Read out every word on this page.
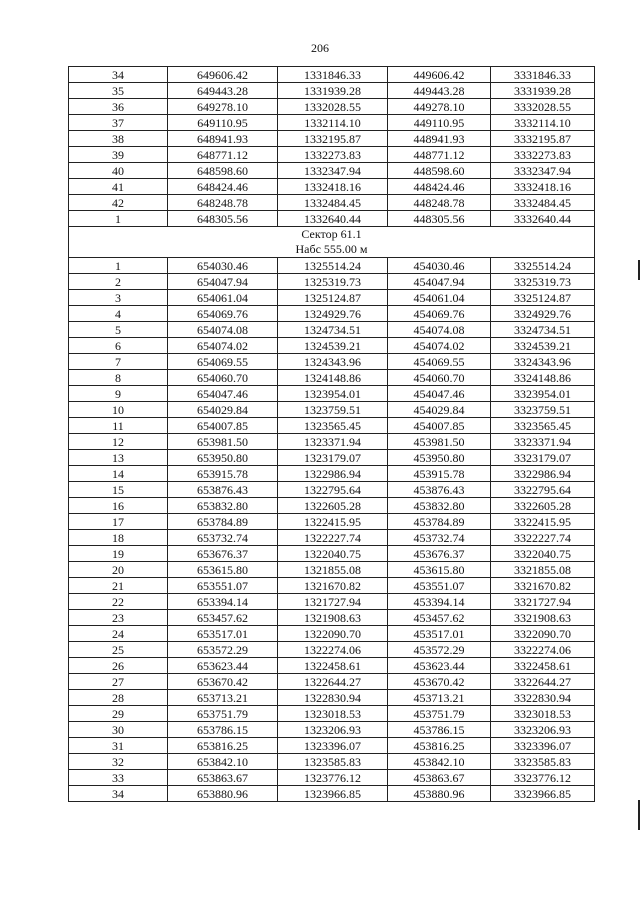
206
34	649606.42	1331846.33	449606.42	3331846.33
35	649443.28	1331939.28	449443.28	3331939.28
36	649278.10	1332028.55	449278.10	3332028.55
37	649110.95	1332114.10	449110.95	3332114.10
38	648941.93	1332195.87	448941.93	3332195.87
39	648771.12	1332273.83	448771.12	3332273.83
40	648598.60	1332347.94	448598.60	3332347.94
41	648424.46	1332418.16	448424.46	3332418.16
42	648248.78	1332484.45	448248.78	3332484.45
1	648305.56	1332640.44	448305.56	3332640.44

Сектор 61.1
Набс 555.00 м				

1	654030.46	1325514.24	454030.46	3325514.24
2	654047.94	1325319.73	454047.94	3325319.73
3	654061.04	1325124.87	454061.04	3325124.87
4	654069.76	1324929.76	454069.76	3324929.76
5	654074.08	1324734.51	454074.08	3324734.51
6	654074.02	1324539.21	454074.02	3324539.21
7	654069.55	1324343.96	454069.55	3324343.96
8	654060.70	1324148.86	454060.70	3324148.86
9	654047.46	1323954.01	454047.46	3323954.01
10	654029.84	1323759.51	454029.84	3323759.51
11	654007.85	1323565.45	454007.85	3323565.45
12	653981.50	1323371.94	453981.50	3323371.94
13	653950.80	1323179.07	453950.80	3323179.07
14	653915.78	1322986.94	453915.78	3322986.94
15	653876.43	1322795.64	453876.43	3322795.64
16	653832.80	1322605.28	453832.80	3322605.28
17	653784.89	1322415.95	453784.89	3322415.95
18	653732.74	1322227.74	453732.74	3322227.74
19	653676.37	1322040.75	453676.37	3322040.75
20	653615.80	1321855.08	453615.80	3321855.08
21	653551.07	1321670.82	453551.07	3321670.82
22	653394.14	1321727.94	453394.14	3321727.94
23	653457.62	1321908.63	453457.62	3321908.63
24	653517.01	1322090.70	453517.01	3322090.70
25	653572.29	1322274.06	453572.29	3322274.06
26	653623.44	1322458.61	453623.44	3322458.61
27	653670.42	1322644.27	453670.42	3322644.27
28	653713.21	1322830.94	453713.21	3322830.94
29	653751.79	1323018.53	453751.79	3323018.53
30	653786.15	1323206.93	453786.15	3323206.93
31	653816.25	1323396.07	453816.25	3323396.07
32	653842.10	1323585.83	453842.10	3323585.83
33	653863.67	1323776.12	453863.67	3323776.12
34	653880.96	1323966.85	453880.96	3323966.85
